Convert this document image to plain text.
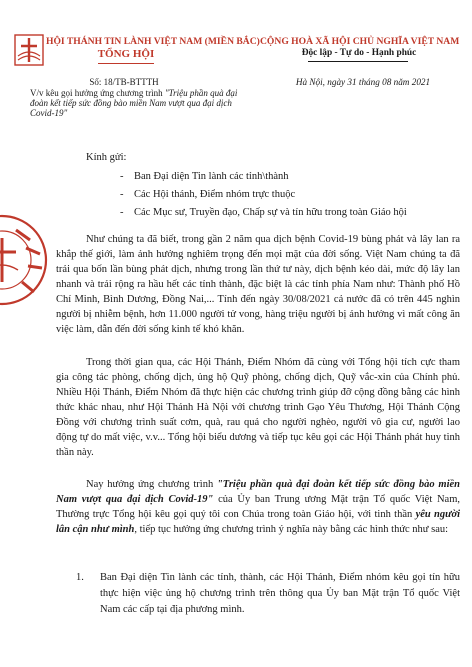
HỘI THÁNH TIN LÀNH VIỆT NAM (MIỀN BẮC)
TỔNG HỘI
CỘNG HOÀ XÃ HỘI CHỦ NGHĨA VIỆT NAM
Độc lập - Tự do - Hạnh phúc
Số: 18/TB-BTTTH
V/v kêu gọi hưởng ứng chương trình "Triệu phần quà đại đoàn kết tiếp sức đồng bào miền Nam vượt qua đại dịch Covid-19"
Hà Nội, ngày 31 tháng 08 năm 2021
Kính gửi:
- Ban Đại diện Tin lành các tỉnh\thành
- Các Hội thánh, Điểm nhóm trực thuộc
- Các Mục sư, Truyền đạo, Chấp sự và tín hữu trong toàn Giáo hội
Như chúng ta đã biết, trong gần 2 năm qua dịch bệnh Covid-19 bùng phát và lây lan ra khắp thế giới, làm ảnh hưởng nghiêm trọng đến mọi mặt của đời sống. Việt Nam chúng ta đã trải qua bốn lần bùng phát dịch, nhưng trong lần thứ tư này, dịch bệnh kéo dài, mức độ lây lan nhanh và trải rộng ra hầu hết các tỉnh thành, đặc biệt là các tỉnh phía Nam như: Thành phố Hồ Chí Minh, Bình Dương, Đồng Nai,... Tính đến ngày 30/08/2021 cả nước đã có trên 445 nghìn người bị nhiễm bệnh, hơn 11.000 người tử vong, hàng triệu người bị ảnh hưởng vì mất công ăn việc làm, dẫn đến đời sống kinh tế khó khăn.
Trong thời gian qua, các Hội Thánh, Điểm Nhóm đã cùng với Tổng hội tích cực tham gia công tác phòng, chống dịch, ủng hộ Quỹ phòng, chống dịch, Quỹ vắc-xin của Chính phủ. Nhiều Hội Thánh, Điểm Nhóm đã thực hiện các chương trình giúp đỡ cộng đồng bằng các hình thức khác nhau, như Hội Thánh Hà Nội với chương trình Gạo Yêu Thương, Hội Thánh Cộng Đồng với chương trình suất cơm, quà, rau quả cho người nghèo, người vô gia cư, người lao động tự do mất việc, v.v... Tổng hội biểu dương và tiếp tục kêu gọi các Hội Thánh phát huy tinh thần này.
Nay hưởng ứng chương trình "Triệu phần quà đại đoàn kết tiếp sức đồng bào miền Nam vượt qua đại dịch Covid-19" của Ủy ban Trung ương Mặt trận Tổ quốc Việt Nam, Thường trực Tổng hội kêu gọi quý tôi con Chúa trong toàn Giáo hội, với tinh thần yêu người lân cận như mình, tiếp tục hưởng ứng chương trình ý nghĩa này bằng các hình thức như sau:
1.	Ban Đại diện Tin lành các tỉnh, thành, các Hội Thánh, Điểm nhóm kêu gọi tín hữu thực hiện việc ủng hộ chương trình trên thông qua Ủy ban Mặt trận Tổ quốc Việt Nam các cấp tại địa phương mình.
